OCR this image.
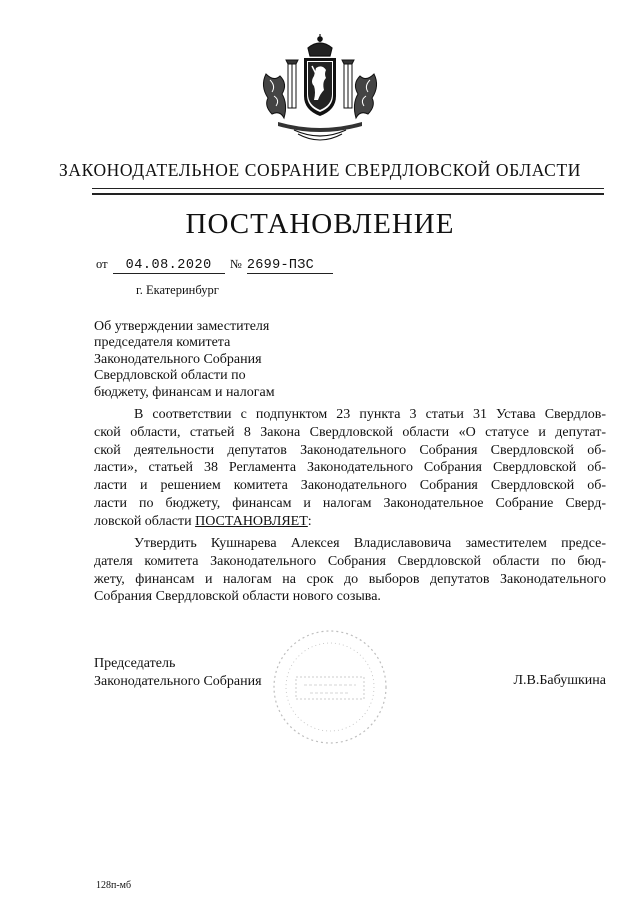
ЗАКОНОДАТЕЛЬНОЕ СОБРАНИЕ СВЕРДЛОВСКОЙ ОБЛАСТИ
ПОСТАНОВЛЕНИЕ
от 04.08.2020 № 2699-ПЗС
г. Екатеринбург
Об утверждении заместителя
председателя комитета
Законодательного Собрания
Свердловской области по
бюджету, финансам и налогам
В соответствии с подпунктом 23 пункта 3 статьи 31 Устава Свердлов-
ской области, статьей 8 Закона Свердловской области «О статусе и депутат-
ской деятельности депутатов Законодательного Собрания Свердловской об-
ласти», статьей 38 Регламента Законодательного Собрания Свердловской об-
ласти и решением комитета Законодательного Собрания Свердловской об-
ласти по бюджету, финансам и налогам Законодательное Собрание Сверд-
ловской области ПОСТАНОВЛЯЕТ:
Утвердить Кушнарева Алексея Владиславовича заместителем предсе-
дателя комитета Законодательного Собрания Свердловской области по бюд-
жету, финансам и налогам на срок до выборов депутатов Законодательного
Собрания Свердловской области нового созыва.
Председатель
Законодательного Собрания	Л.В.Бабушкина
128п-мб
